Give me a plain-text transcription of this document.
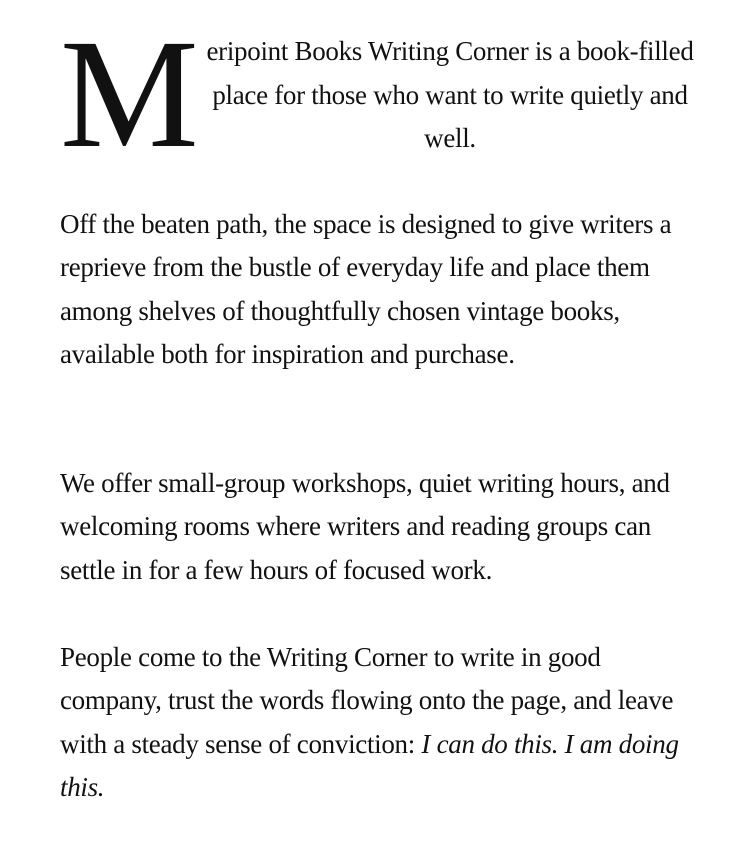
M eripoint Books Writing Corner is a book-filled place for those who want to write quietly and well.

Off the beaten path, the space is designed to give writers a reprieve from the bustle of everyday life and place them among shelves of thoughtfully chosen vintage books, available both for inspiration and purchase.

We offer small-group workshops, quiet writing hours, and welcoming rooms where writers and reading groups can settle in for a few hours of focused work.

People come to the Writing Corner to write in good company, trust the words flowing onto the page, and leave with a steady sense of conviction: I can do this. I am doing this.
